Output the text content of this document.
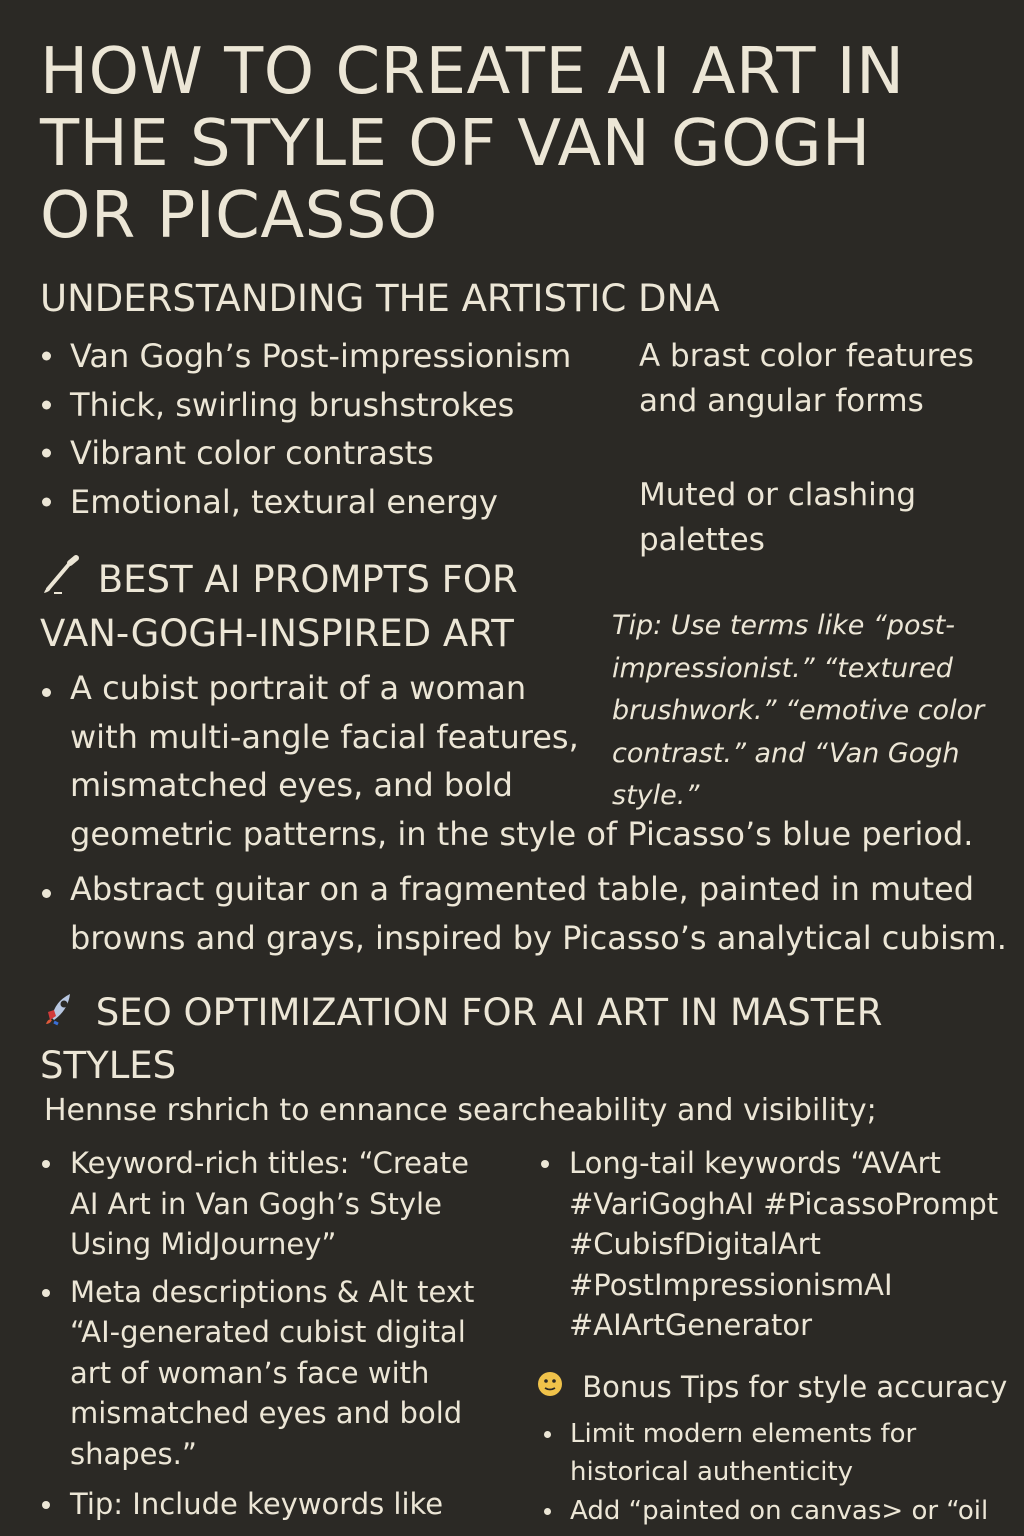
HOW TO CREATE AI ART IN
THE STYLE OF VAN GOGH
OR PICASSO
UNDERSTANDING THE ARTISTIC DNA
Van Gogh’s Post-impressionism
Thick, swirling brushstrokes
Vibrant color contrasts
Emotional, textural energy
A brast color features and angular forms
Muted or clashing palettes
BEST AI PROMPTS FOR
VAN-GOGH-INSPIRED ART	Tip: Use terms like “post-impressionist.” “textured brushwork.” “emotive color contrast.” and “Van Gogh style.”
A cubist portrait of a woman
with multi-angle facial features,
mismatched eyes, and bold
geometric patterns, in the style of Picasso’s blue period.
Abstract guitar on a fragmented table, painted in muted
browns and grays, inspired by Picasso’s analytical cubism.
SEO OPTIMIZATION FOR AI ART IN MASTER
STYLES
Hennse rshrich to ennance searcheability and visibility;
Keyword-rich titles: “Create
AI Art in Van Gogh’s Style
Using MidJourney”
Meta descriptions & Alt text
“AI-generated cubist digital
art of woman’s face with
mismatched eyes and bold
shapes.”
Tip: Include keywords like
Long-tail keywords “AVArt
#VariGoghAI #PicassoPrompt
#CubisfDigitalArt
#PostImpressionismAI
#AIArtGenerator
Bonus Tips for style accuracy
Limit modern elements for
historical authenticity
Add “painted on canvas> or “oil
